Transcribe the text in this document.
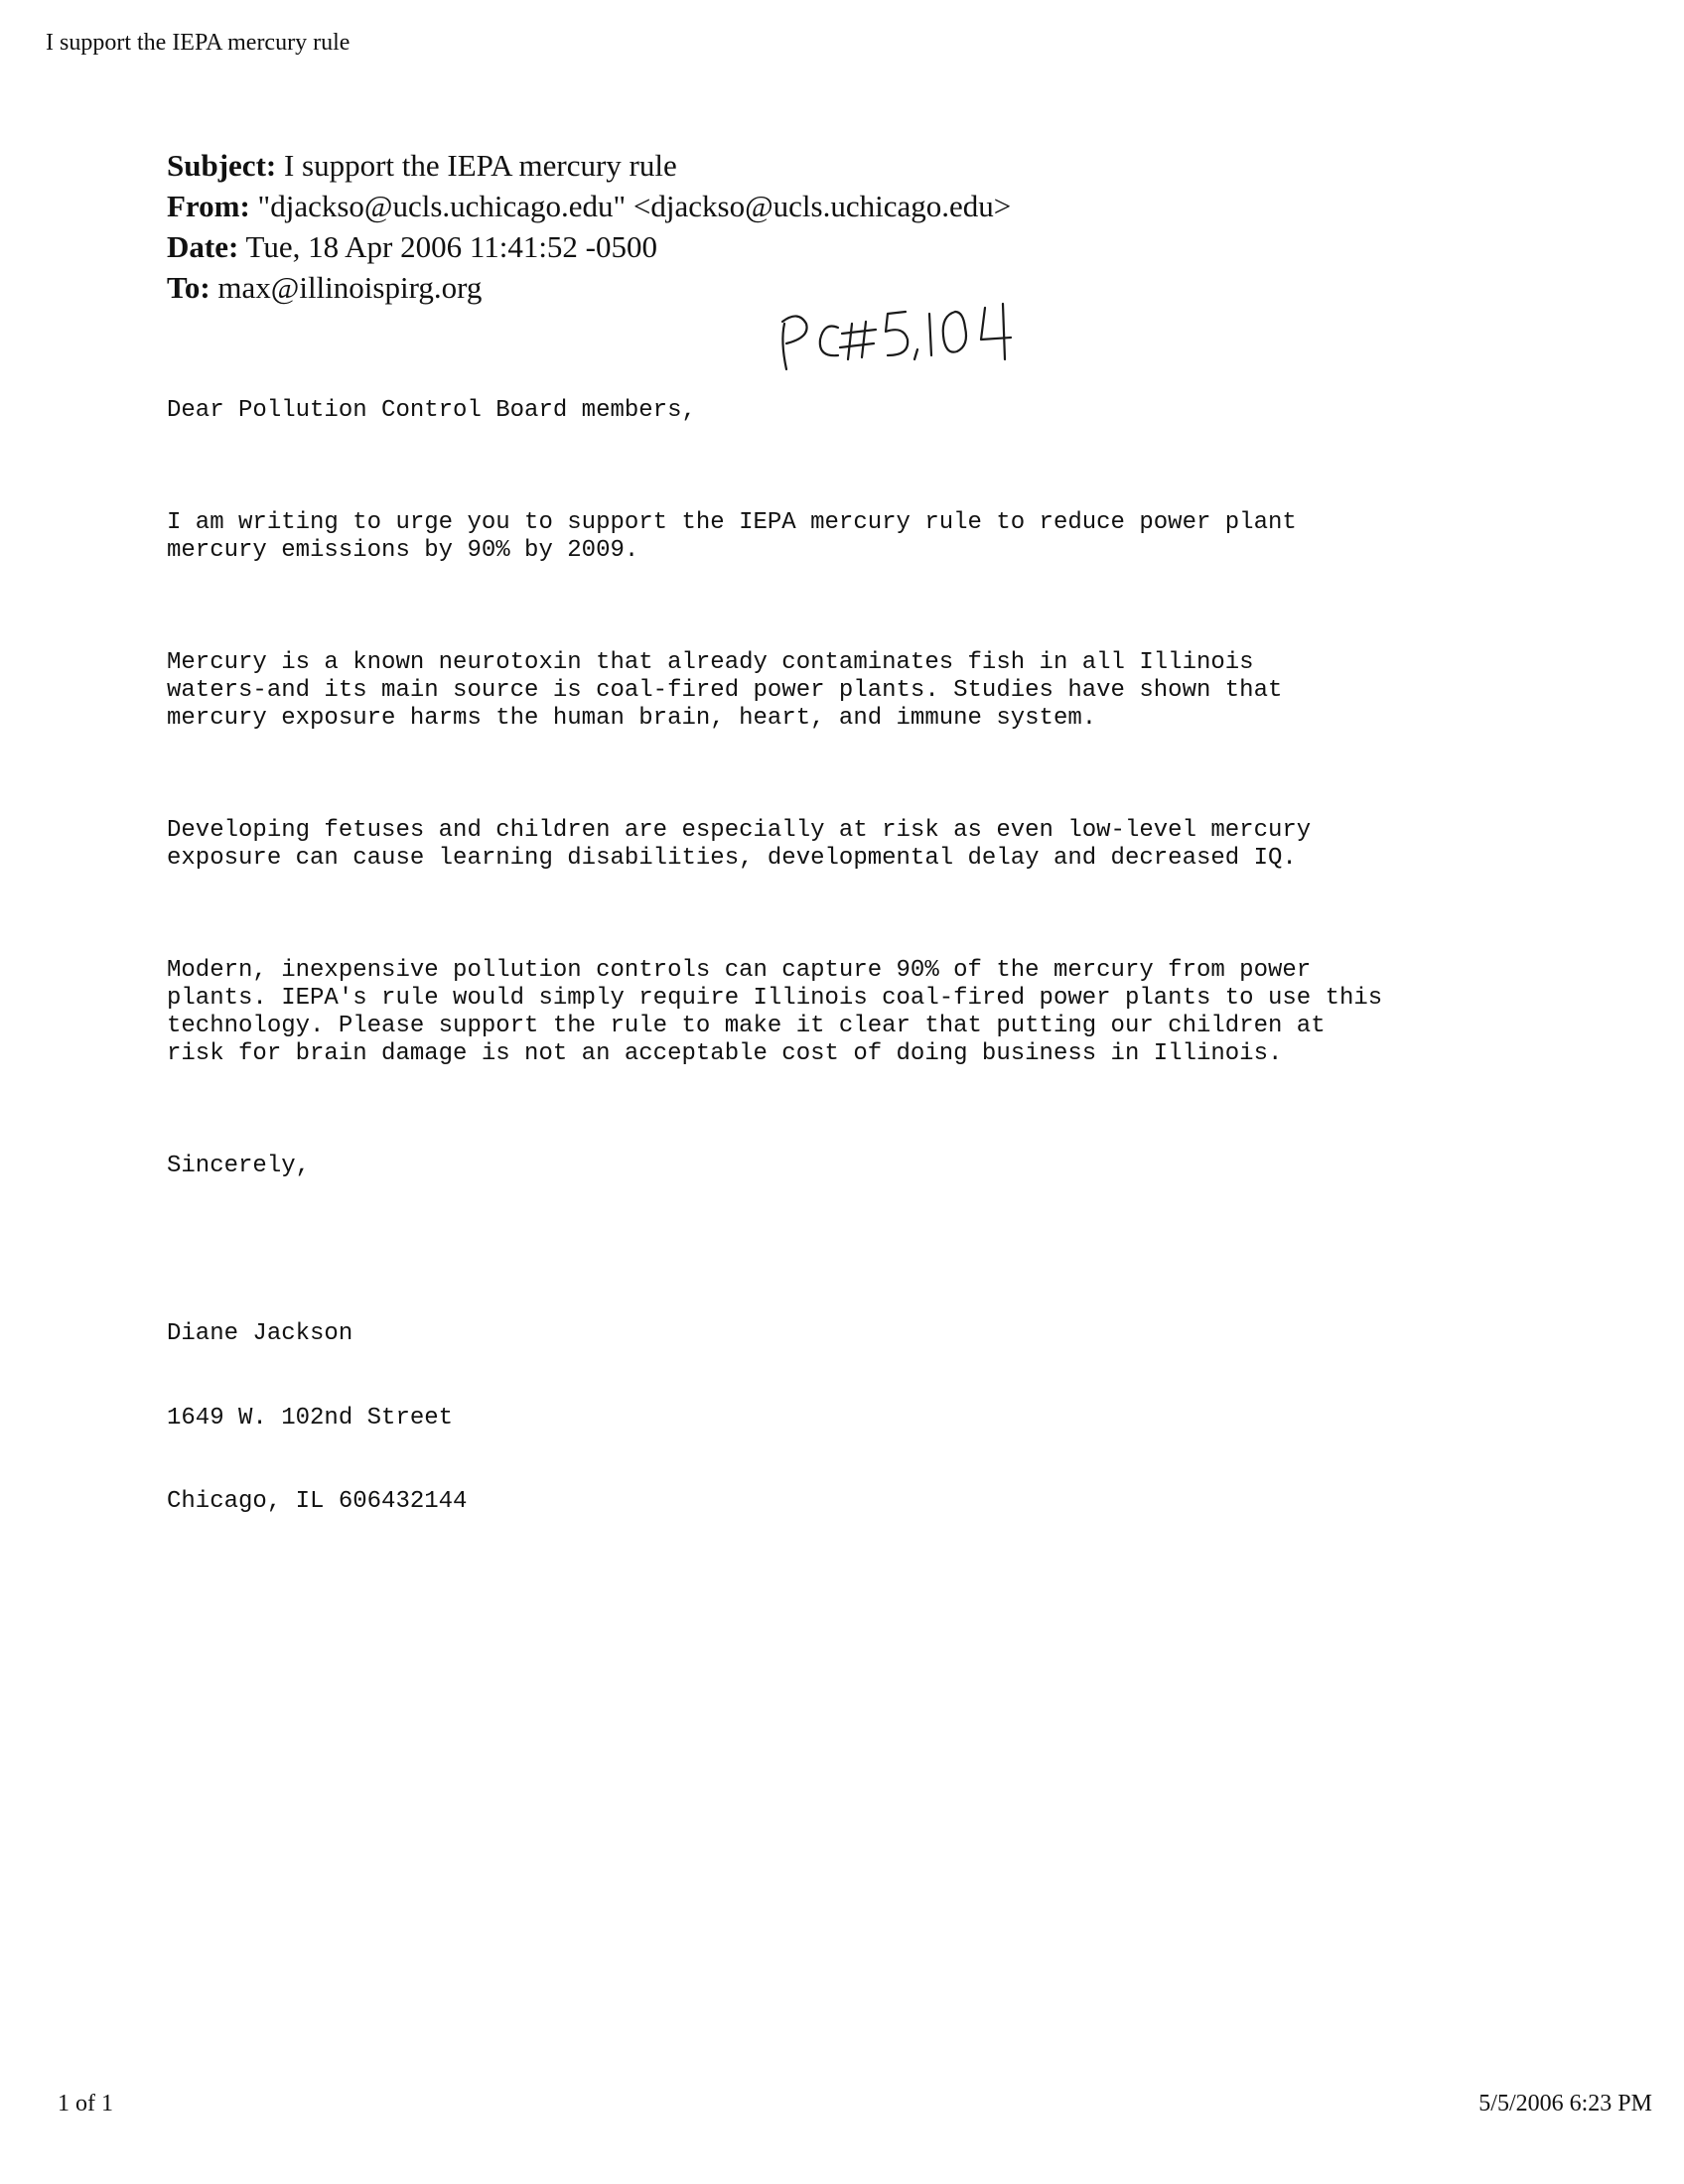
I support the IEPA mercury rule
Subject: I support the IEPA mercury rule
From: "djackso@ucls.uchicago.edu" <djackso@ucls.uchicago.edu>
Date: Tue, 18 Apr 2006 11:41:52 -0500
To: max@illinoispirg.org

Dear Pollution Control Board members,

I am writing to urge you to support the IEPA mercury rule to reduce power plant
mercury emissions by 90% by 2009.

Mercury is a known neurotoxin that already contaminates fish in all Illinois
waters-and its main source is coal-fired power plants. Studies have shown that
mercury exposure harms the human brain, heart, and immune system.

Developing fetuses and children are especially at risk as even low-level mercury
exposure can cause learning disabilities, developmental delay and decreased IQ.

Modern, inexpensive pollution controls can capture 90% of the mercury from power
plants. IEPA's rule would simply require Illinois coal-fired power plants to use this
technology. Please support the rule to make it clear that putting our children at
risk for brain damage is not an acceptable cost of doing business in Illinois.

Sincerely,

Diane Jackson

1649 W. 102nd Street

Chicago, IL 606432144

1 of 1	5/5/2006 6:23 PM
